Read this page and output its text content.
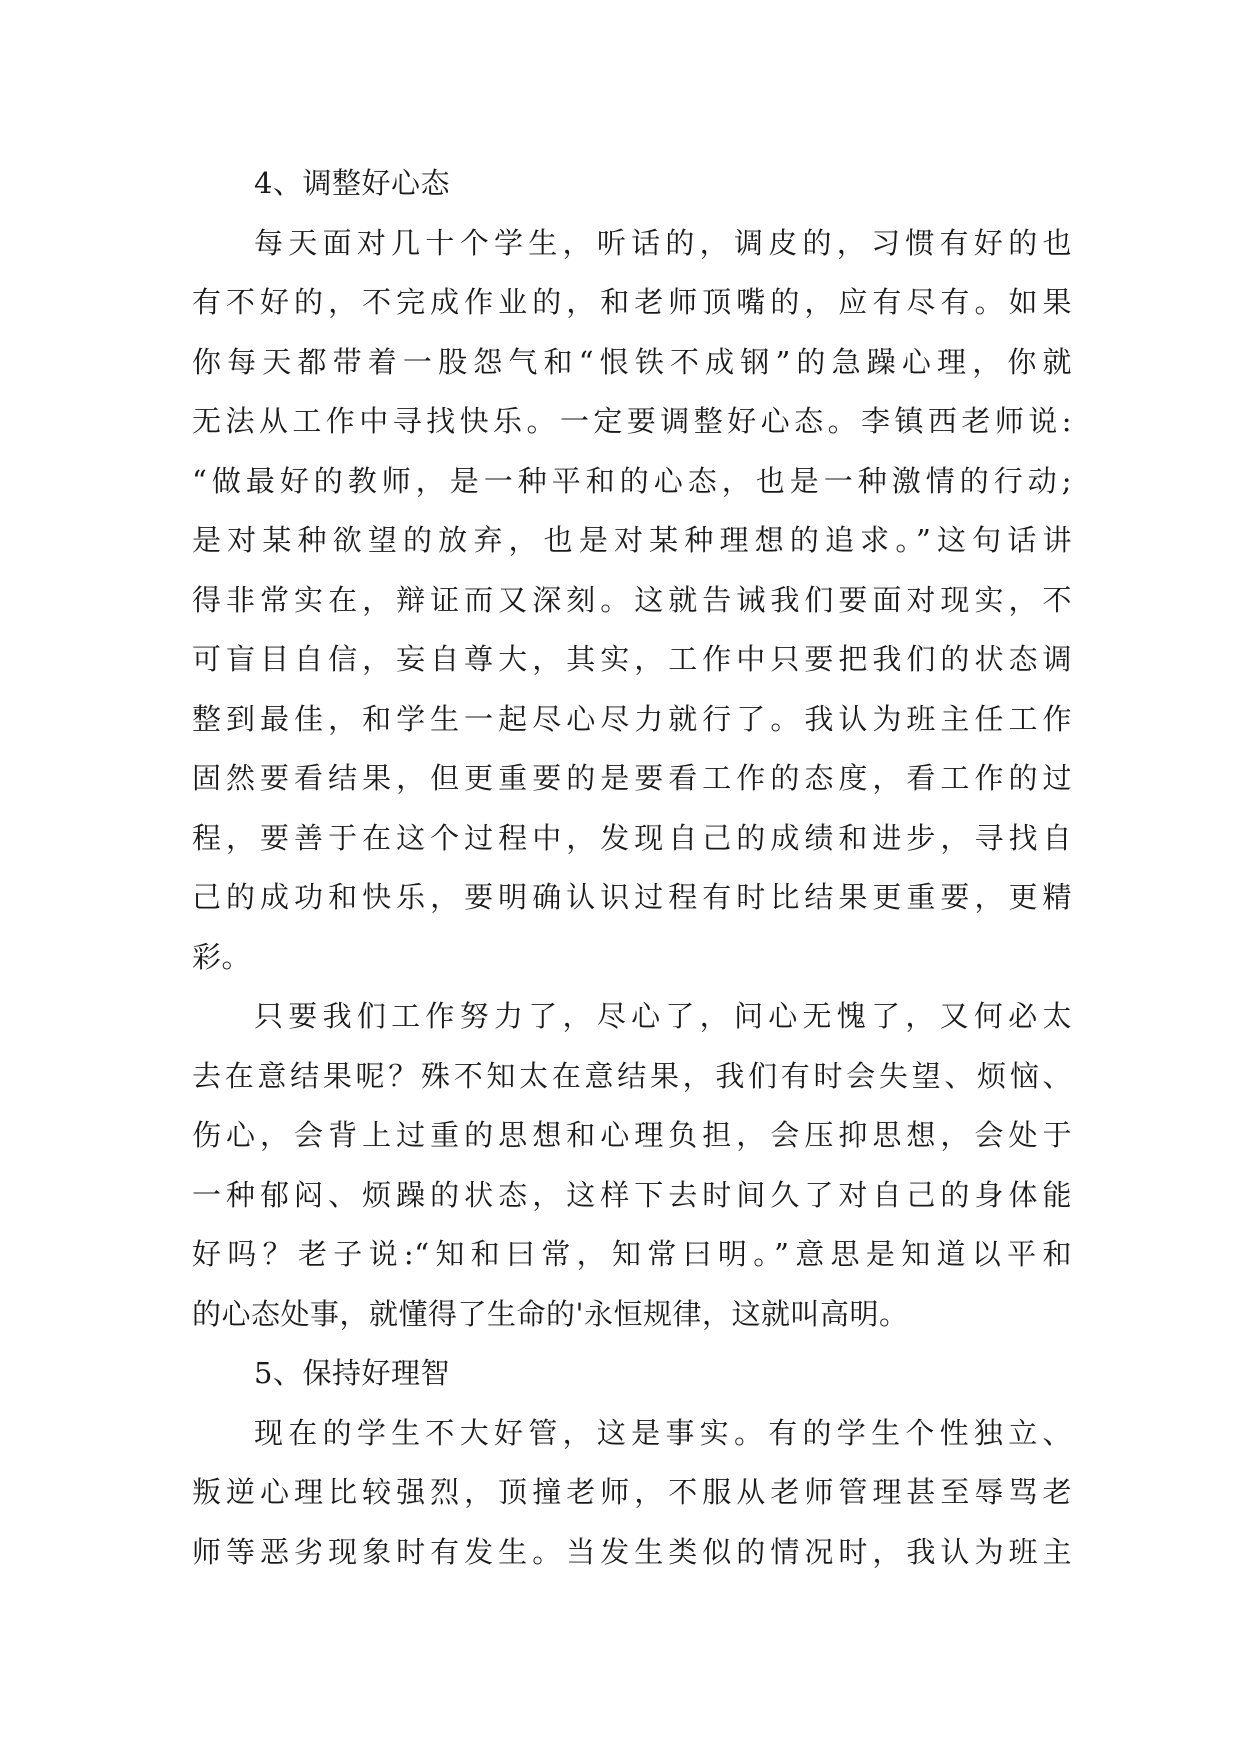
4、调整好心态
每天面对几十个学生，听话的，调皮的，习惯有好的也
有不好的，不完成作业的，和老师顶嘴的，应有尽有。如果
你每天都带着一股怨气和“恨铁不成钢”的急躁心理，你就
无法从工作中寻找快乐。一定要调整好心态。李镇西老师说:
“做最好的教师，是一种平和的心态，也是一种激情的行动;
是对某种欲望的放弃，也是对某种理想的追求。”这句话讲
得非常实在，辩证而又深刻。这就告诫我们要面对现实，不
可盲目自信，妄自尊大，其实，工作中只要把我们的状态调
整到最佳，和学生一起尽心尽力就行了。我认为班主任工作
固然要看结果，但更重要的是要看工作的态度，看工作的过
程，要善于在这个过程中，发现自己的成绩和进步，寻找自
己的成功和快乐，要明确认识过程有时比结果更重要，更精
彩。
只要我们工作努力了，尽心了，问心无愧了，又何必太
去在意结果呢？殊不知太在意结果，我们有时会失望、烦恼、
伤心，会背上过重的思想和心理负担，会压抑思想，会处于
一种郁闷、烦躁的状态，这样下去时间久了对自己的身体能
好吗？老子说:“知和曰常，知常曰明。”意思是知道以平和
的心态处事，就懂得了生命的'永恒规律，这就叫高明。
5、保持好理智
现在的学生不大好管，这是事实。有的学生个性独立、
叛逆心理比较强烈，顶撞老师，不服从老师管理甚至辱骂老
师等恶劣现象时有发生。当发生类似的情况时，我认为班主
